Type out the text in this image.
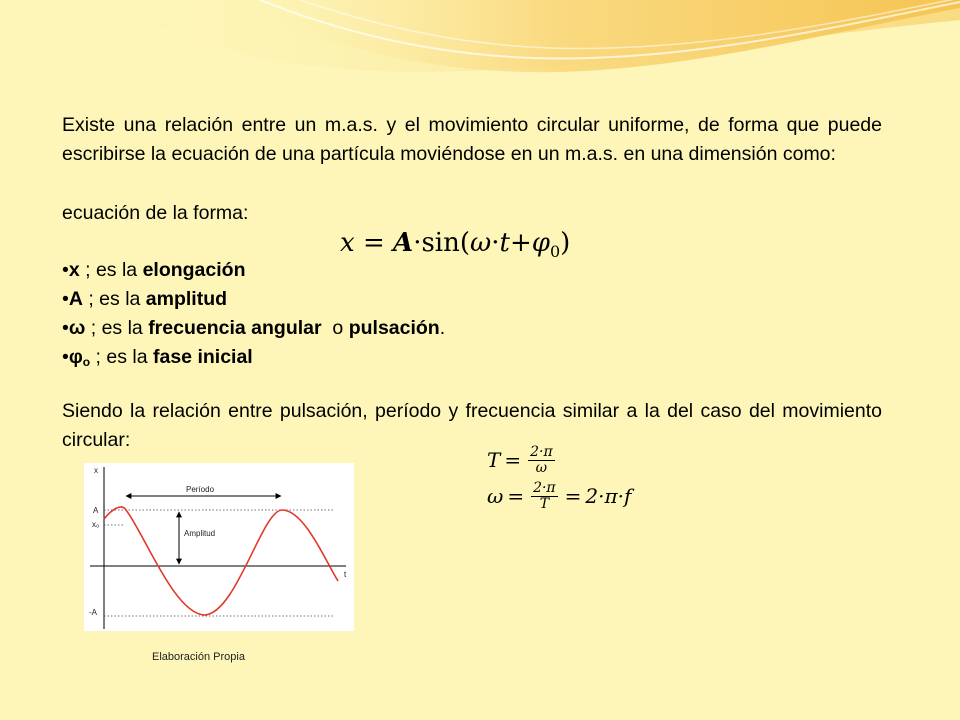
Existe una relación entre un m.a.s. y el movimiento circular uniforme, de forma que puede escribirse la ecuación de una partícula moviéndose en un m.a.s. en una dimensión como:
ecuación de la forma:
$x = A\cdot\sin(\omega\cdot t+\varphi_0)$
•x ; es la elongación
•A ; es la amplitud
•ω ; es la frecuencia angular  o pulsación.
$•\varphi_o$ ; es la fase inicial
Siendo la relación entre pulsación, período y frecuencia similar a la del caso del movimiento circular:
$T = \frac{2\cdot\pi}{\omega}$
$\omega = \frac{2\cdot\pi}{T} = 2\cdot\pi\cdot f$
x
t
A
x₀
-A
Período
Amplitud
Elaboración Propia
